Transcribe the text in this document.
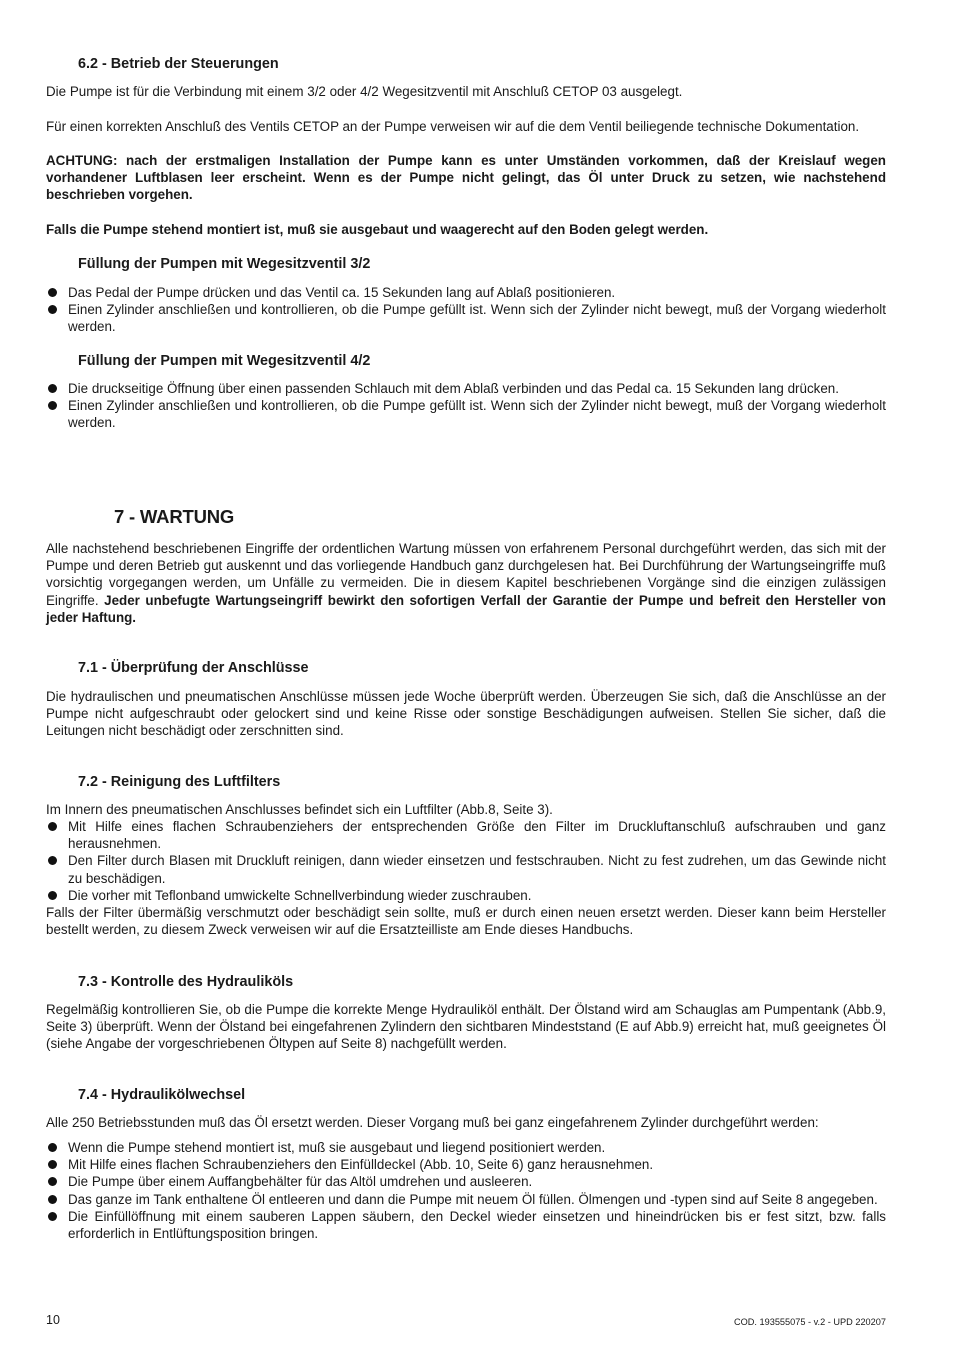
6.2 - Betrieb der Steuerungen

Die Pumpe ist für die Verbindung mit einem 3/2 oder 4/2 Wegesitzventil mit Anschluß CETOP 03 ausgelegt.

Für einen korrekten Anschluß des Ventils CETOP an der Pumpe verweisen wir auf die dem Ventil beiliegende technische Dokumentation.

ACHTUNG: nach der erstmaligen Installation der Pumpe kann es unter Umständen vorkommen, daß der Kreislauf wegen vorhandener Luftblasen leer erscheint. Wenn es der Pumpe nicht gelingt, das Öl unter Druck zu setzen, wie nachstehend beschrieben vorgehen.

Falls die Pumpe stehend montiert ist, muß sie ausgebaut und waagerecht auf den Boden gelegt werden.

Füllung der Pumpen mit Wegesitzventil 3/2
Das Pedal der Pumpe drücken und das Ventil ca. 15 Sekunden lang auf Ablaß positionieren.
Einen Zylinder anschließen und kontrollieren, ob die Pumpe gefüllt ist. Wenn sich der Zylinder nicht bewegt, muß der Vorgang wiederholt werden.
Füllung der Pumpen mit Wegesitzventil 4/2
Die druckseitige Öffnung über einen passenden Schlauch mit dem Ablaß verbinden und das Pedal ca. 15 Sekunden lang drücken.
Einen Zylinder anschließen und kontrollieren, ob die Pumpe gefüllt ist. Wenn sich der Zylinder nicht bewegt, muß der Vorgang wiederholt werden.
7 - WARTUNG

Alle nachstehend beschriebenen Eingriffe der ordentlichen Wartung müssen von erfahrenem Personal durchgeführt werden, das sich mit der Pumpe und deren Betrieb gut auskennt und das vorliegende Handbuch ganz durchgelesen hat. Bei Durchführung der Wartungseingriffe muß vorsichtig vorgegangen werden, um Unfälle zu vermeiden. Die in diesem Kapitel beschriebenen Vorgänge sind die einzigen zulässigen Eingriffe. Jeder unbefugte Wartungseingriff bewirkt den sofortigen Verfall der Garantie der Pumpe und befreit den Hersteller von jeder Haftung.

7.1 - Überprüfung der Anschlüsse

Die hydraulischen und pneumatischen Anschlüsse müssen jede Woche überprüft werden. Überzeugen Sie sich, daß die Anschlüsse an der Pumpe nicht aufgeschraubt oder gelockert sind und keine Risse oder sonstige Beschädigungen aufweisen. Stellen Sie sicher, daß die Leitungen nicht beschädigt oder zerschnitten sind.

7.2 - Reinigung des Luftfilters

Im Innern des pneumatischen Anschlusses befindet sich ein Luftfilter (Abb.8, Seite 3).

Mit Hilfe eines flachen Schraubenziehers der entsprechenden Größe den Filter im Druckluftanschluß aufschrauben und ganz herausnehmen.
Den Filter durch Blasen mit Druckluft reinigen, dann wieder einsetzen und festschrauben. Nicht zu fest zudrehen, um das Gewinde nicht zu beschädigen.
Die vorher mit Teflonband umwickelte Schnellverbindung wieder zuschrauben.

Falls der Filter übermäßig verschmutzt oder beschädigt sein sollte, muß er durch einen neuen ersetzt werden. Dieser kann beim Hersteller bestellt werden, zu diesem Zweck verweisen wir auf die Ersatzteilliste am Ende dieses Handbuchs.

7.3 - Kontrolle des Hydrauliköls

Regelmäßig kontrollieren Sie, ob die Pumpe die korrekte Menge Hydrauliköl enthält. Der Ölstand wird am Schauglas am Pumpentank (Abb.9, Seite 3) überprüft. Wenn der Ölstand bei eingefahrenen Zylindern den sichtbaren Mindeststand (E auf Abb.9) erreicht hat, muß geeignetes Öl (siehe Angabe der vorgeschriebenen Öltypen auf Seite 8) nachgefüllt werden.

7.4 - Hydraulikölwechsel

Alle 250 Betriebsstunden muß das Öl ersetzt werden. Dieser Vorgang muß bei ganz eingefahrenem Zylinder durchgeführt werden:

Wenn die Pumpe stehend montiert ist, muß sie ausgebaut und liegend positioniert werden.
Mit Hilfe eines flachen Schraubenziehers den Einfülldeckel (Abb. 10, Seite 6) ganz herausnehmen.
Die Pumpe über einem Auffangbehälter für das Altöl umdrehen und ausleeren.
Das ganze im Tank enthaltene Öl entleeren und dann die Pumpe mit neuem Öl füllen. Ölmengen und -typen sind auf Seite 8 angegeben.
Die Einfüllöffnung mit einem sauberen Lappen säubern, den Deckel wieder einsetzen und hineindrücken bis er fest sitzt, bzw. falls erforderlich in Entlüftungsposition bringen.
10	COD. 193555075 - v.2 - UPD 220207
